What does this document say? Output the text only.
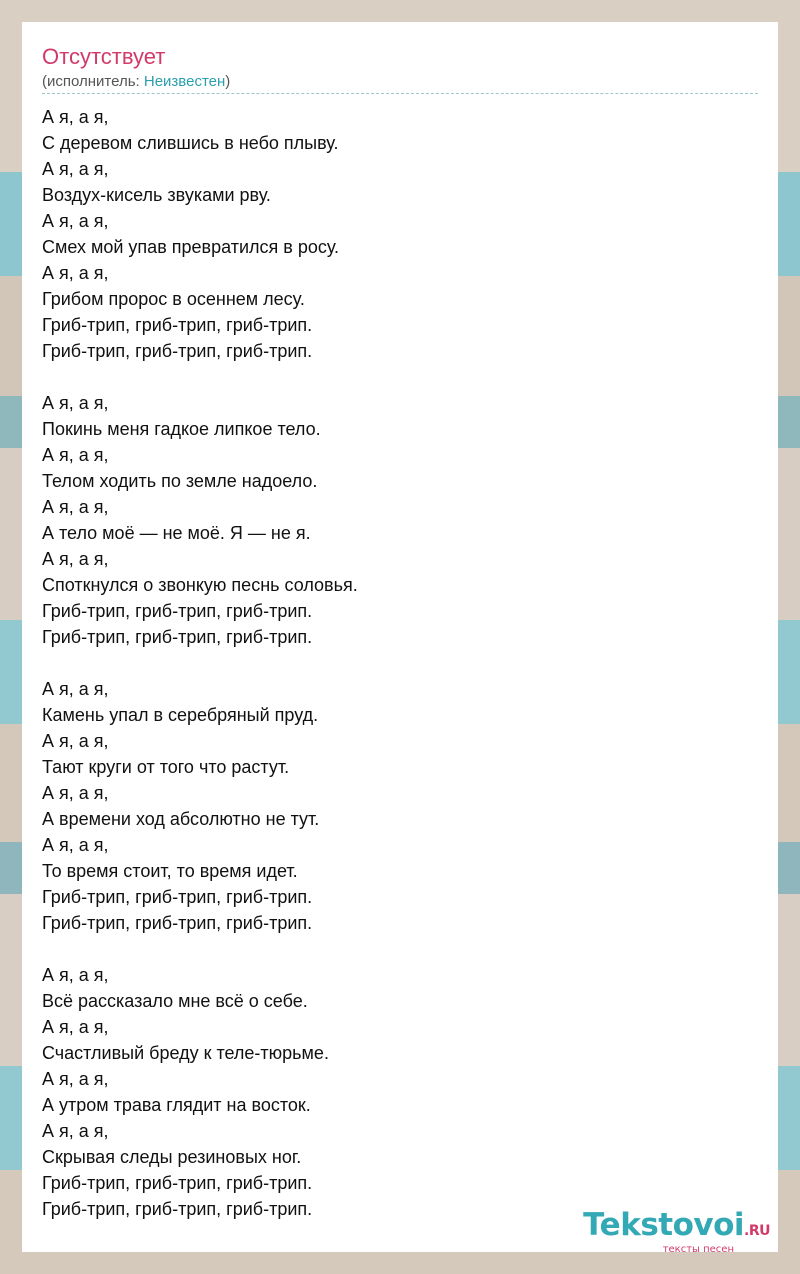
Отсутствует
(исполнитель: Неизвестен)
А я, а я,
С деревом слившись в небо плыву.
А я, а я,
Воздух-кисель звуками рву.
А я, а я,
Смех мой упав превратился в росу.
А я, а я,
Грибом пророс в осеннем лесу.
Гриб-трип, гриб-трип, гриб-трип.
Гриб-трип, гриб-трип, гриб-трип.
А я, а я,
Покинь меня гадкое липкое тело.
А я, а я,
Телом ходить по земле надоело.
А я, а я,
А тело моё — не моё. Я — не я.
А я, а я,
Споткнулся о звонкую песнь соловья.
Гриб-трип, гриб-трип, гриб-трип.
Гриб-трип, гриб-трип, гриб-трип.
А я, а я,
Камень упал в серебряный пруд.
А я, а я,
Тают круги от того что растут.
А я, а я,
А времени ход абсолютно не тут.
А я, а я,
То время стоит, то время идет.
Гриб-трип, гриб-трип, гриб-трип.
Гриб-трип, гриб-трип, гриб-трип.
А я, а я,
Всё рассказало мне всё о себе.
А я, а я,
Счастливый бреду к теле-тюрьме.
А я, а я,
А утром трава глядит на восток.
А я, а я,
Скрывая следы резиновых ног.
Гриб-трип, гриб-трип, гриб-трип.
Гриб-трип, гриб-трип, гриб-трип.	Tekstovoi.RU
тексты песен
